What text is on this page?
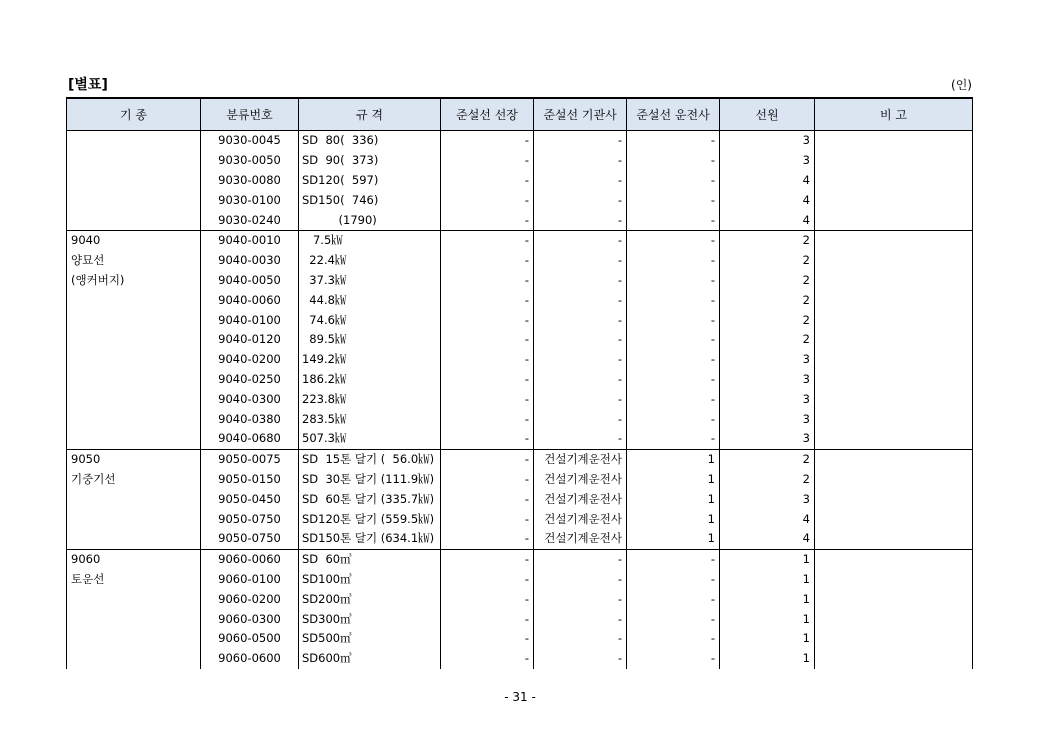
[별표]	(인)
기 종	분류번호	규 격	준설선 선장	준설선 기관사	준설선 운전사	선원	비 고
	9030-0045	SD  80(  336)	-	-	-	3	
	9030-0050	SD  90(  373)	-	-	-	3	
	9030-0080	SD120(  597)	-	-	-	4	
	9030-0100	SD150(  746)	-	-	-	4	
	9030-0240	(1790)	-	-	-	4	
9040	9040-0010	7.5㎾	-	-	-	2	
양묘선	9040-0030	22.4㎾	-	-	-	2	
(앵커버지)	9040-0050	37.3㎾	-	-	-	2	
	9040-0060	44.8㎾	-	-	-	2	
	9040-0100	74.6㎾	-	-	-	2	
	9040-0120	89.5㎾	-	-	-	2	
	9040-0200	149.2㎾	-	-	-	3	
	9040-0250	186.2㎾	-	-	-	3	
	9040-0300	223.8㎾	-	-	-	3	
	9040-0380	283.5㎾	-	-	-	3	
	9040-0680	507.3㎾	-	-	-	3	
9050	9050-0075	SD  15톤 달기 (  56.0㎾)	-	건설기계운전사	1	2	
기중기선	9050-0150	SD  30톤 달기 (111.9㎾)	-	건설기계운전사	1	2	
	9050-0450	SD  60톤 달기 (335.7㎾)	-	건설기계운전사	1	3	
	9050-0750	SD120톤 달기 (559.5㎾)	-	건설기계운전사	1	4	
	9050-0750	SD150톤 달기 (634.1㎾)	-	건설기계운전사	1	4	
9060	9060-0060	SD  60㎥	-	-	-	1	
토운선	9060-0100	SD100㎥	-	-	-	1	
	9060-0200	SD200㎥	-	-	-	1	
	9060-0300	SD300㎥	-	-	-	1	
	9060-0500	SD500㎥	-	-	-	1	
	9060-0600	SD600㎥	-	-	-	1	
- 31 -
